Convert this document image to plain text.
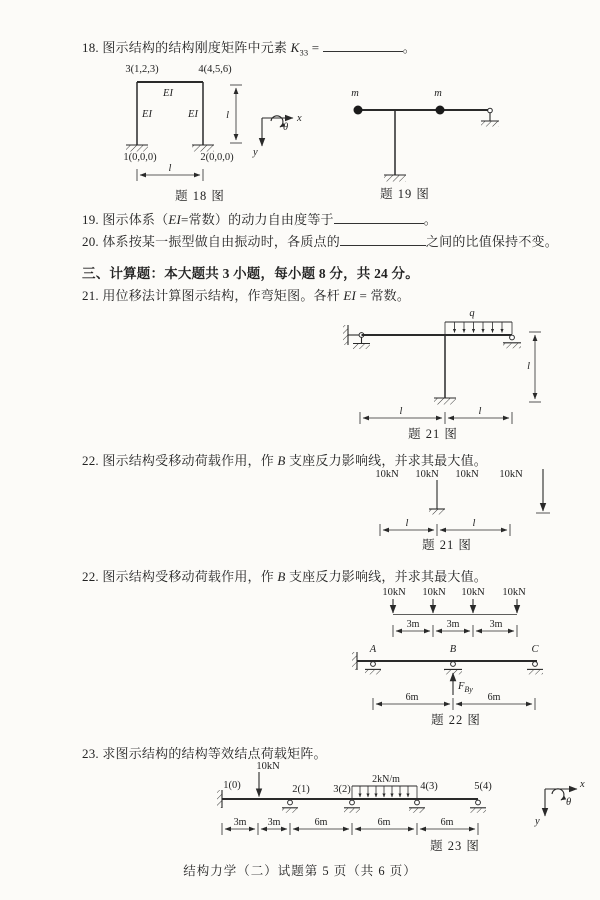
18. 图示结构的结构刚度矩阵中元素 $K_{33}$ =	。
3(1,2,3)	4(4,5,6)
EI
EI	EI
1(0,0,0)	2(0,0,0)
l
l	x
y
θ
题 18 图
m	m
题 19 图
19. 图示体系（EI=常数）的动力自由度等于	。
20. 体系按某一振型做自由振动时，各质点的	之间的比值保持不变。
三、计算题：本大题共 3 小题，每小题 8 分，共 24 分。
21. 用位移法计算图示结构，作弯矩图。各杆 EI = 常数。
q
l
l	l
题 21 图
22. 图示结构受移动荷载作用，作 B 支座反力影响线，并求其最大值。
10kN 10kN 10kN 10kN
l	l
题 21 图
22. 图示结构受移动荷载作用，作 B 支座反力影响线，并求其最大值。
10kN 10kN 10kN 10kN
3m	3m	3m
A	B	C
$F_{By}$
6m	6m
题 22 图
23. 求图示结构的结构等效结点荷载矩阵。
10kN
1(0)	2(1) 3(2)	4(3)	5(4)
2kN/m
3m 3m	6m	6m	6m
x
y
θ
题 23 图
结构力学（二）试题第 5 页（共 6 页）
